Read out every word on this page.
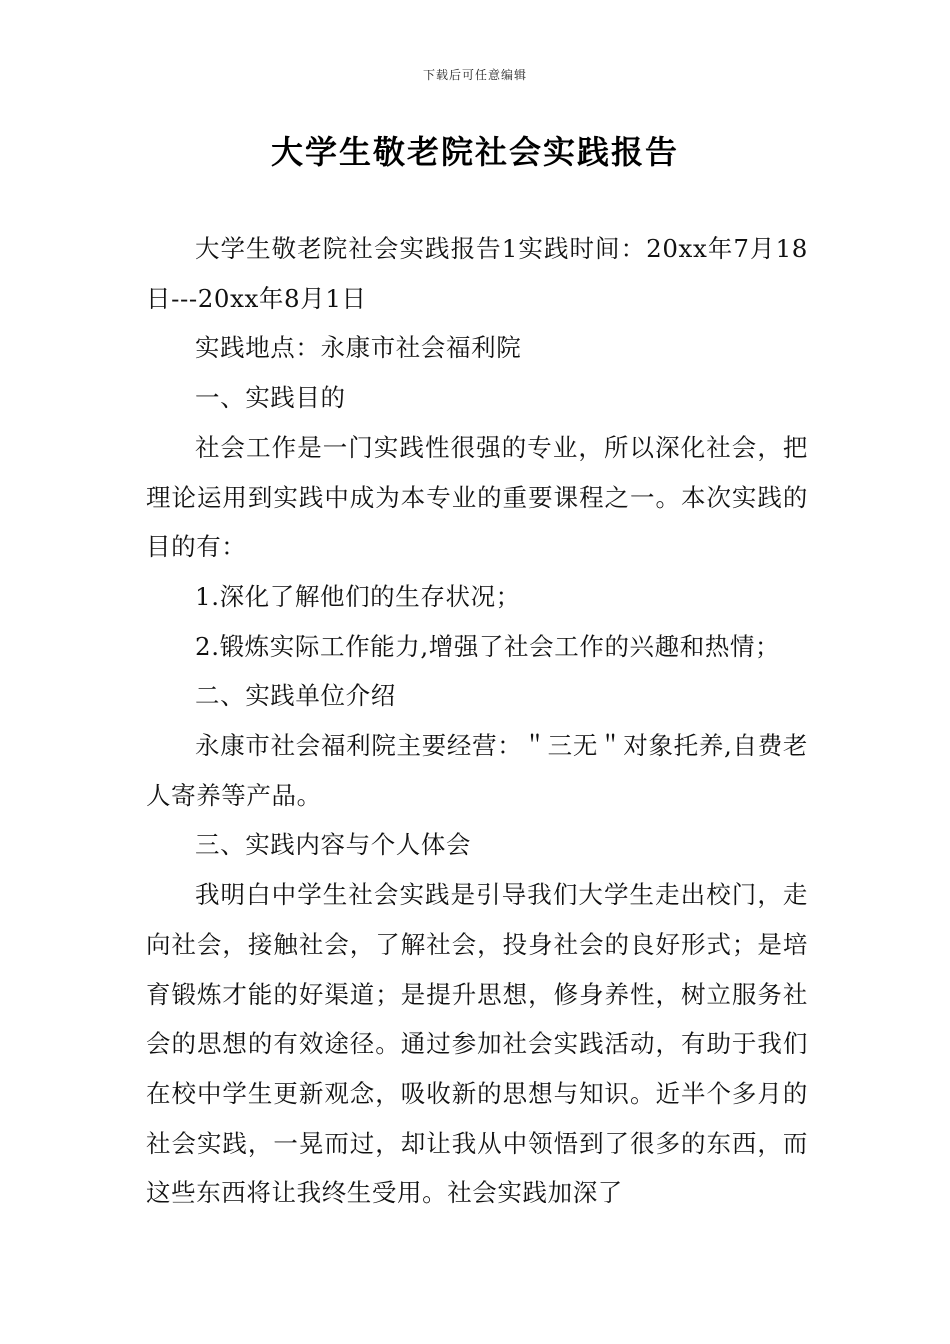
下载后可任意编辑
大学生敬老院社会实践报告

大学生敬老院社会实践报告1实践时间：20xx年7月18日---20xx年8月1日

实践地点：永康市社会福利院

一、实践目的

社会工作是一门实践性很强的专业，所以深化社会，把理论运用到实践中成为本专业的重要课程之一。本次实践的目的有：

1.深化了解他们的生存状况；

2.锻炼实际工作能力,增强了社会工作的兴趣和热情；

二、实践单位介绍

永康市社会福利院主要经营：＂三无＂对象托养,自费老人寄养等产品。

三、实践内容与个人体会

我明白中学生社会实践是引导我们大学生走出校门，走向社会，接触社会，了解社会，投身社会的良好形式；是培育锻炼才能的好渠道；是提升思想，修身养性，树立服务社会的思想的有效途径。通过参加社会实践活动，有助于我们在校中学生更新观念，吸收新的思想与知识。近半个多月的社会实践，一晃而过，却让我从中领悟到了很多的东西，而这些东西将让我终生受用。社会实践加深了
